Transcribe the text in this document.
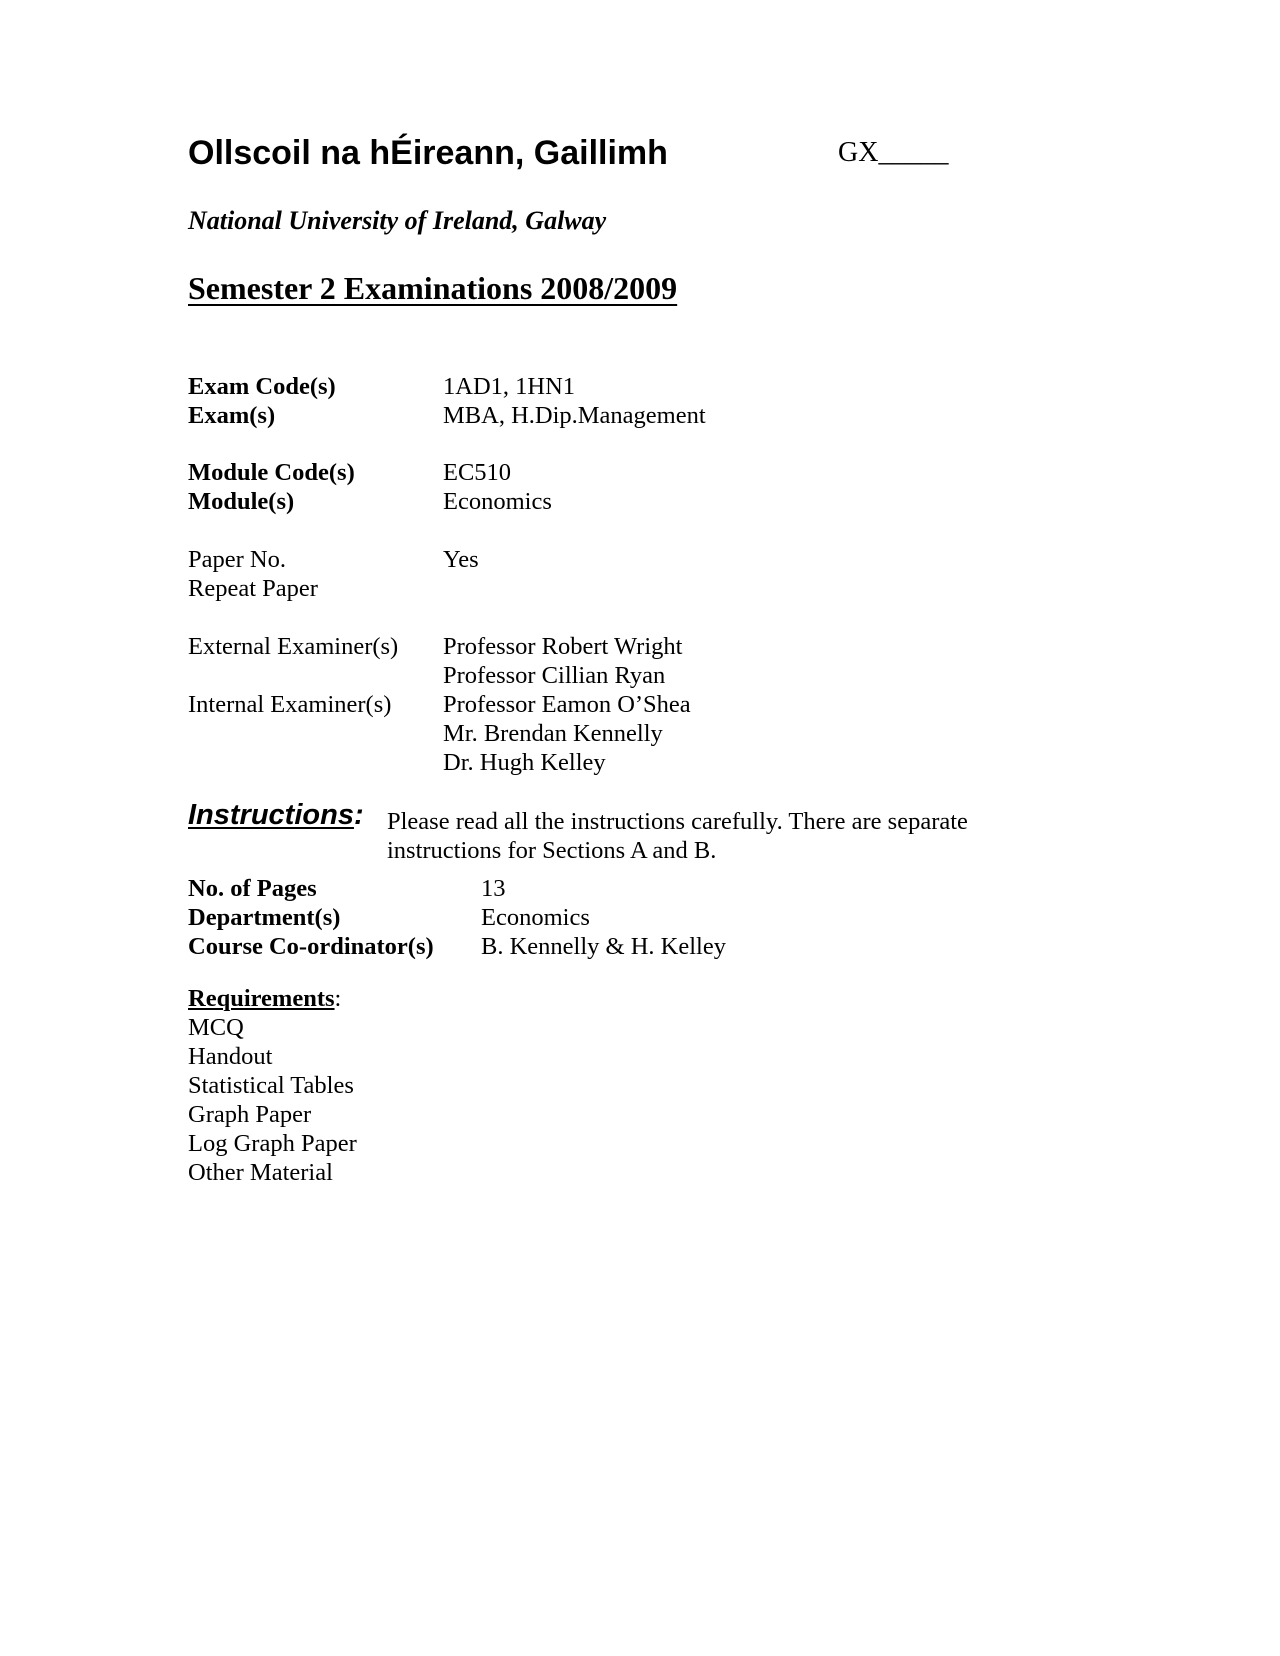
Ollscoil na hÉireann, Gaillimh	GX_____
National University of Ireland, Galway
Semester 2 Examinations 2008/2009
Exam Code(s)	1AD1, 1HN1
Exam(s)	MBA, H.Dip.Management
Module Code(s)	EC510
Module(s)	Economics
Paper No.	Yes
Repeat Paper
External Examiner(s) Professor Robert Wright
Professor Cillian Ryan
Internal Examiner(s) Professor Eamon O’Shea
Mr. Brendan Kennelly
Dr. Hugh Kelley
Instructions: Please read all the instructions carefully. There are separate
instructions for Sections A and B.
No. of Pages	13
Department(s)	Economics
Course Co-ordinator(s) B. Kennelly & H. Kelley
Requirements:
MCQ
Handout
Statistical Tables
Graph Paper
Log Graph Paper
Other Material
